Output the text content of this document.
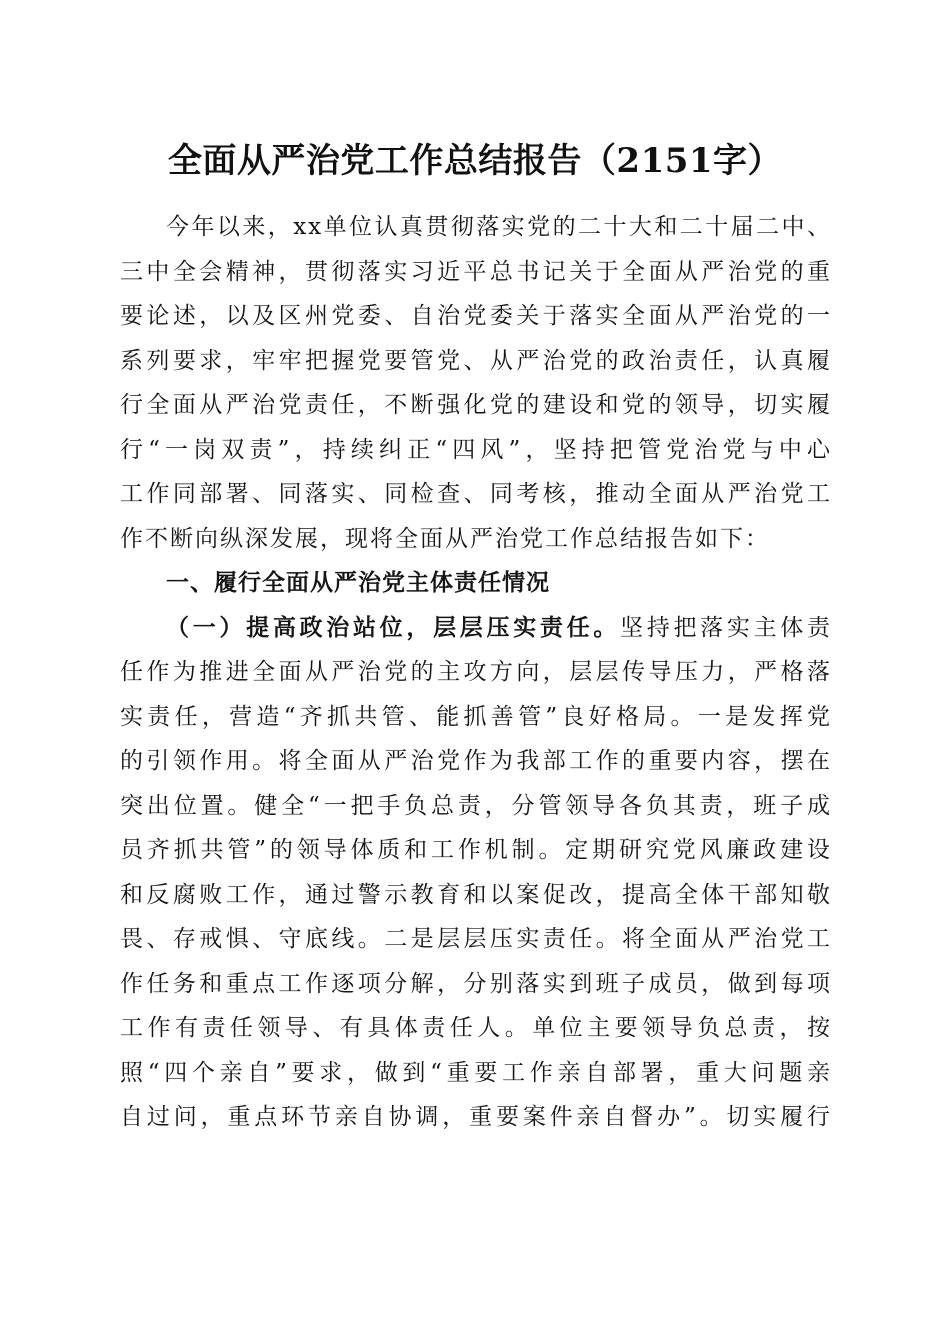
全面从严治党工作总结报告（2151字）
今年以来，xx单位认真贯彻落实党的二十大和二十届二中、
三中全会精神，贯彻落实习近平总书记关于全面从严治党的重
要论述，以及区州党委、自治党委关于落实全面从严治党的一
系列要求，牢牢把握党要管党、从严治党的政治责任，认真履
行全面从严治党责任，不断强化党的建设和党的领导，切实履
行“一岗双责”，持续纠正“四风”，坚持把管党治党与中心
工作同部署、同落实、同检查、同考核，推动全面从严治党工
作不断向纵深发展，现将全面从严治党工作总结报告如下：
一、履行全面从严治党主体责任情况
（一）提高政治站位，层层压实责任。坚持把落实主体责
任作为推进全面从严治党的主攻方向，层层传导压力，严格落
实责任，营造“齐抓共管、能抓善管”良好格局。一是发挥党
的引领作用。将全面从严治党作为我部工作的重要内容，摆在
突出位置。健全“一把手负总责，分管领导各负其责，班子成
员齐抓共管”的领导体质和工作机制。定期研究党风廉政建设
和反腐败工作，通过警示教育和以案促改，提高全体干部知敬
畏、存戒惧、守底线。二是层层压实责任。将全面从严治党工
作任务和重点工作逐项分解，分别落实到班子成员，做到每项
工作有责任领导、有具体责任人。单位主要领导负总责，按
照“四个亲自”要求，做到“重要工作亲自部署，重大问题亲
自过问，重点环节亲自协调，重要案件亲自督办”。切实履行
